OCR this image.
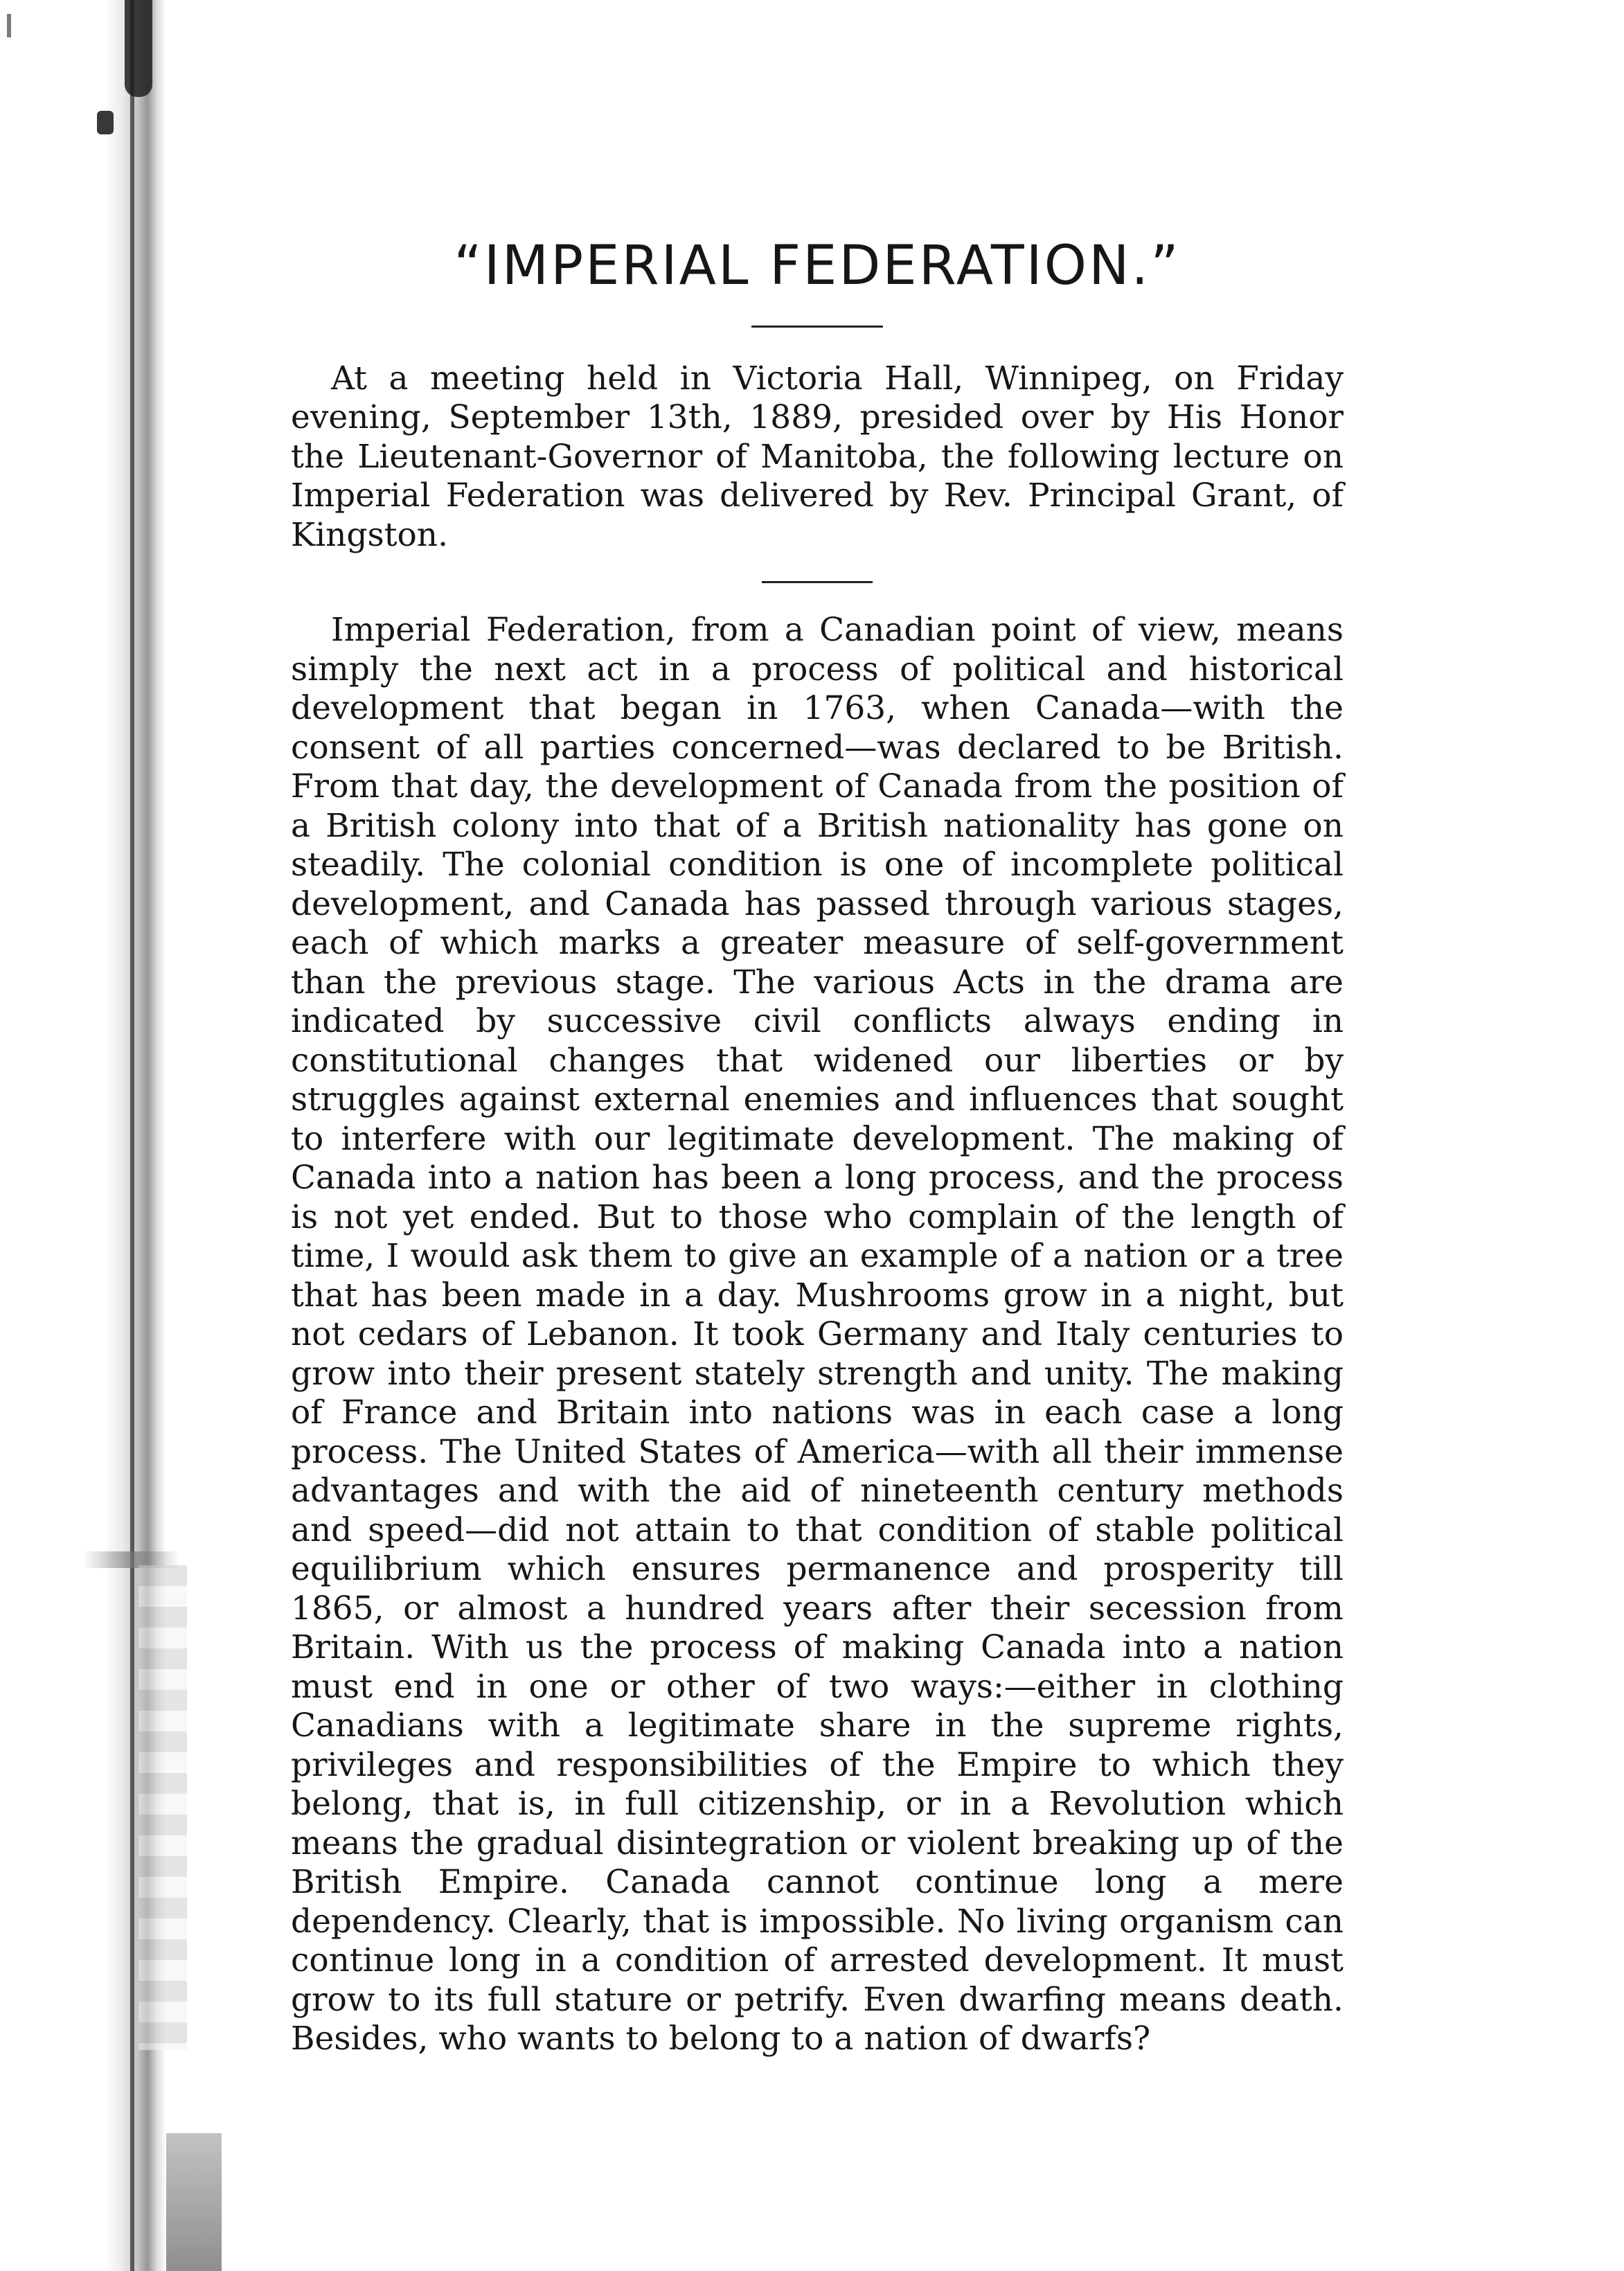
“IMPERIAL FEDERATION.”

At a meeting held in Victoria Hall, Winnipeg, on Friday evening, September 13th, 1889, presided over by His Honor the Lieutenant-Governor of Manitoba, the following lecture on Imperial Federation was delivered by Rev. Principal Grant, of Kingston.

Imperial Federation, from a Canadian point of view, means simply the next act in a process of political and historical development that began in 1763, when Canada—with the consent of all parties concerned—was declared to be British. From that day, the development of Canada from the position of a British colony into that of a British nationality has gone on steadily. The colonial condition is one of incomplete political development, and Canada has passed through various stages, each of which marks a greater measure of self-government than the previous stage. The various Acts in the drama are indicated by successive civil conflicts always ending in constitutional changes that widened our liberties or by struggles against external enemies and influences that sought to interfere with our legitimate development. The making of Canada into a nation has been a long process, and the process is not yet ended. But to those who complain of the length of time, I would ask them to give an example of a nation or a tree that has been made in a day. Mushrooms grow in a night, but not cedars of Lebanon. It took Germany and Italy centuries to grow into their present stately strength and unity. The making of France and Britain into nations was in each case a long process. The United States of America—with all their immense advantages and with the aid of nineteenth century methods and speed—did not attain to that condition of stable political equilibrium which ensures permanence and prosperity till 1865, or almost a hundred years after their secession from Britain. With us the process of making Canada into a nation must end in one or other of two ways:—either in clothing Canadians with a legitimate share in the supreme rights, privileges and responsibilities of the Empire to which they belong, that is, in full citizenship, or in a Revolution which means the gradual disintegration or violent breaking up of the British Empire. Canada cannot continue long a mere dependency. Clearly, that is impossible. No living organism can continue long in a condition of arrested development. It must grow to its full stature or petrify. Even dwarfing means death. Besides, who wants to belong to a nation of dwarfs?
